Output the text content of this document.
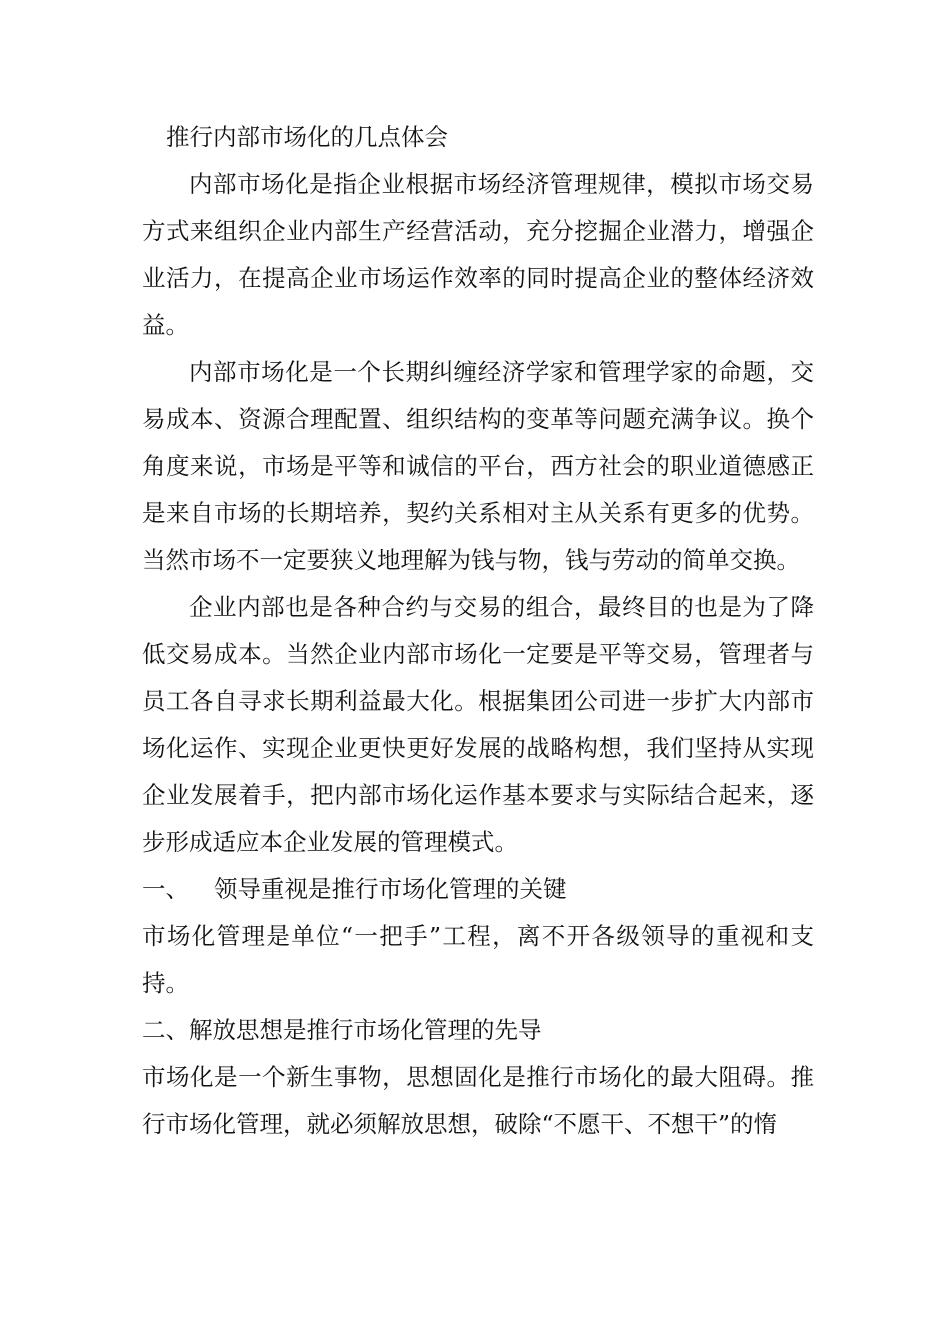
推行内部市场化的几点体会

内部市场化是指企业根据市场经济管理规律，模拟市场交易方式来组织企业内部生产经营活动，充分挖掘企业潜力，增强企业活力，在提高企业市场运作效率的同时提高企业的整体经济效益。

内部市场化是一个长期纠缠经济学家和管理学家的命题，交易成本、资源合理配置、组织结构的变革等问题充满争议。换个角度来说，市场是平等和诚信的平台，西方社会的职业道德感正是来自市场的长期培养，契约关系相对主从关系有更多的优势。当然市场不一定要狭义地理解为钱与物，钱与劳动的简单交换。

企业内部也是各种合约与交易的组合，最终目的也是为了降低交易成本。当然企业内部市场化一定要是平等交易，管理者与员工各自寻求长期利益最大化。根据集团公司进一步扩大内部市场化运作、实现企业更快更好发展的战略构想，我们坚持从实现企业发展着手，把内部市场化运作基本要求与实际结合起来，逐步形成适应本企业发展的管理模式。

一、 领导重视是推行市场化管理的关键

市场化管理是单位“一把手”工程，离不开各级领导的重视和支持。

二、解放思想是推行市场化管理的先导

市场化是一个新生事物，思想固化是推行市场化的最大阻碍。推行市场化管理，就必须解放思想，破除“不愿干、不想干”的惰
